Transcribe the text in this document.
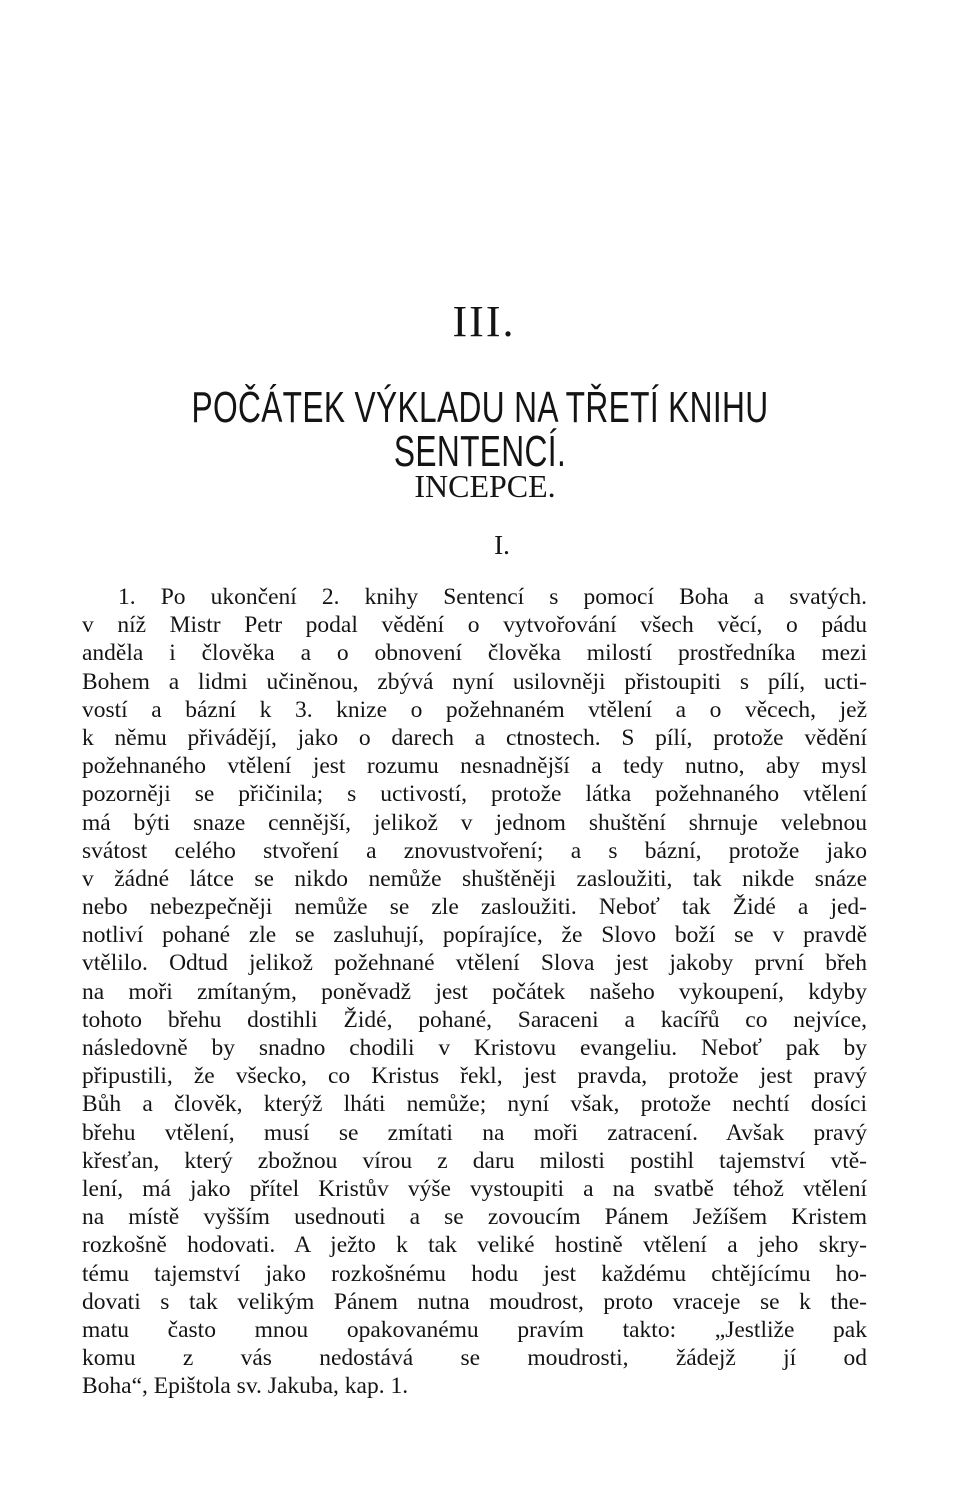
III.
POČÁTEK VÝKLADU NA TŘETÍ KNIHU SENTENCÍ.
INCEPCE.
I.
1. Po ukončení 2. knihy Sentencí s pomocí Boha a svatých.
v níž Mistr Petr podal vědění o vytvořování všech věcí, o pádu
anděla i člověka a o obnovení člověka milostí prostředníka mezi
Bohem a lidmi učiněnou, zbývá nyní usilovněji přistoupiti s pílí, ucti-
vostí a bázní k 3. knize o požehnaném vtělení a o věcech, jež
k němu přivádějí, jako o darech a ctnostech. S pílí, protože vědění
požehnaného vtělení jest rozumu nesnadnější a tedy nutno, aby mysl
pozorněji se přičinila; s uctivostí, protože látka požehnaného vtělení
má býti snaze cennější, jelikož v jednom shuštění shrnuje velebnou
svátost celého stvoření a znovustvoření; a s bázní, protože jako
v žádné látce se nikdo nemůže shuštěněji zasloužiti, tak nikde snáze
nebo nebezpečněji nemůže se zle zasloužiti. Neboť tak Židé a jed-
notliví pohané zle se zasluhují, popírajíce, že Slovo boží se v pravdě
vtělilo. Odtud jelikož požehnané vtělení Slova jest jakoby první břeh
na moři zmítaným, poněvadž jest počátek našeho vykoupení, kdyby
tohoto břehu dostihli Židé, pohané, Saraceni a kacířů co nejvíce,
následovně by snadno chodili v Kristovu evangeliu. Neboť pak by
připustili, že všecko, co Kristus řekl, jest pravda, protože jest pravý
Bůh a člověk, kterýž lháti nemůže; nyní však, protože nechtí dosíci
břehu vtělení, musí se zmítati na moři zatracení. Avšak pravý
křesťan, který zbožnou vírou z daru milosti postihl tajemství vtě-
lení, má jako přítel Kristův výše vystoupiti a na svatbě téhož vtělení
na místě vyšším usednouti a se zovoucím Pánem Ježíšem Kristem
rozkošně hodovati. A ježto k tak veliké hostině vtělení a jeho skry-
tému tajemství jako rozkošnému hodu jest každému chtějícímu ho-
dovati s tak velikým Pánem nutna moudrost, proto vraceje se k the-
matu často mnou opakovanému pravím takto: „Jestliže pak
komu z vás nedostává se moudrosti, žádejž jí od
Boha“, Epištola sv. Jakuba, kap. 1.
